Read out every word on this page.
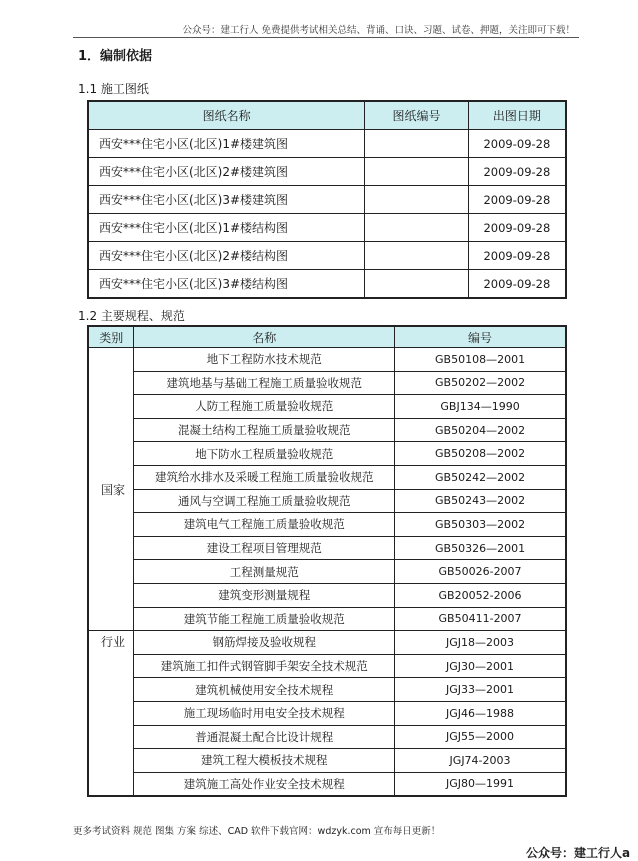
公众号：建工行人 免费提供考试相关总结、背诵、口诀、习题、试卷、押题，关注即可下载！
1．编制依据
1.1 施工图纸
图纸名称	图纸编号	出图日期
西安***住宅小区(北区)1#楼建筑图		2009-09-28
西安***住宅小区(北区)2#楼建筑图		2009-09-28
西安***住宅小区(北区)3#楼建筑图		2009-09-28
西安***住宅小区(北区)1#楼结构图		2009-09-28
西安***住宅小区(北区)2#楼结构图		2009-09-28
西安***住宅小区(北区)3#楼结构图		2009-09-28
1.2 主要规程、规范
类别	名称	编号
国家	地下工程防水技术规范	GB50108—2001
	建筑地基与基础工程施工质量验收规范	GB50202—2002
	人防工程施工质量验收规范	GBJ134—1990
	混凝土结构工程施工质量验收规范	GB50204—2002
	地下防水工程质量验收规范	GB50208—2002
	建筑给水排水及采暖工程施工质量验收规范	GB50242—2002
	通风与空调工程施工质量验收规范	GB50243—2002
	建筑电气工程施工质量验收规范	GB50303—2002
	建设工程项目管理规范	GB50326—2001
	工程测量规范	GB50026-2007
	建筑变形测量规程	GB20052-2006
	建筑节能工程施工质量验收规范	GB50411-2007

行业	钢筋焊接及验收规程	JGJ18—2003
	建筑施工扣件式钢管脚手架安全技术规范	JGJ30—2001
	建筑机械使用安全技术规程	JGJ33—2001
	施工现场临时用电安全技术规程	JGJ46—1988
	普通混凝土配合比设计规程	JGJ55—2000
	建筑工程大模板技术规程	JGJ74-2003
	建筑施工高处作业安全技术规程	JGJ80—1991
更多考试资料 规范 图集 方案 综述、CAD 软件下载官网：wdzyk.com 宣布每日更新！
公众号：建工行人a
